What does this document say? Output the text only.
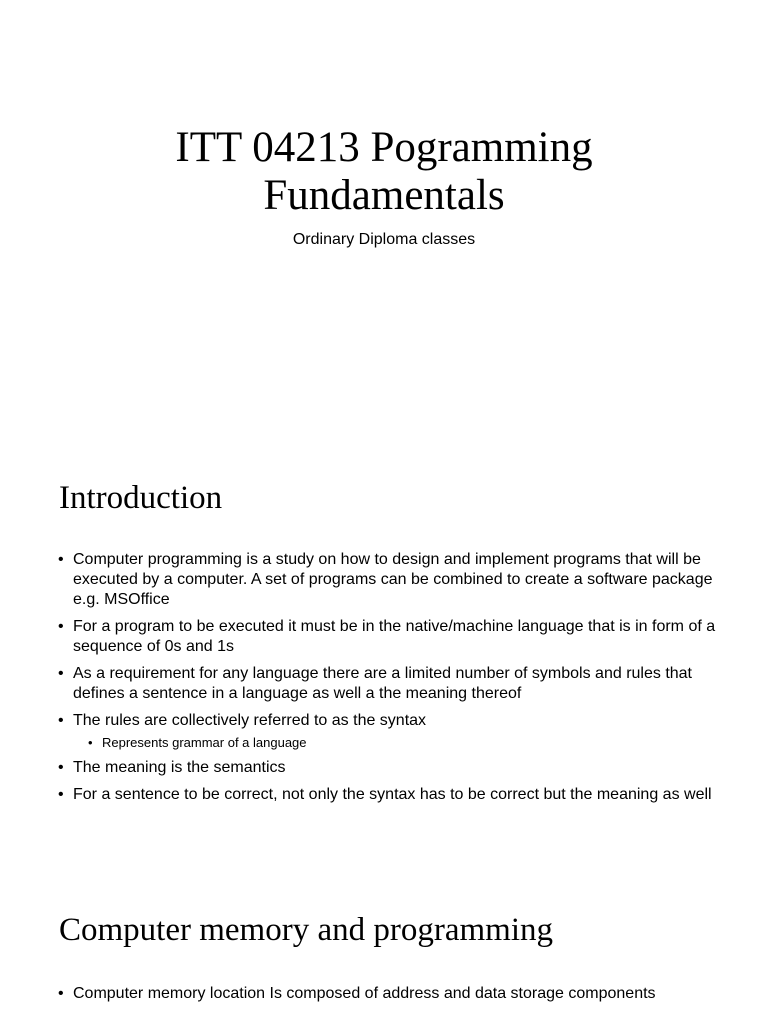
ITT 04213 Pogramming Fundamentals

Ordinary Diploma classes

Introduction
• Computer programming is a study on how to design and implement programs that will be executed by a computer. A set of programs can be combined to create a software package e.g. MSOffice
• For a program to be executed it must be in the native/machine language that is in form of a sequence of 0s and 1s
• As a requirement for any language there are a limited number of symbols and rules that defines a sentence in a language as well a the meaning thereof
• The rules are collectively referred to as the syntax
• Represents grammar of a language
• The meaning is the semantics
• For a sentence to be correct, not only the syntax has to be correct but the meaning as well
Computer memory and programming
• Computer memory location Is composed of address and data storage components
